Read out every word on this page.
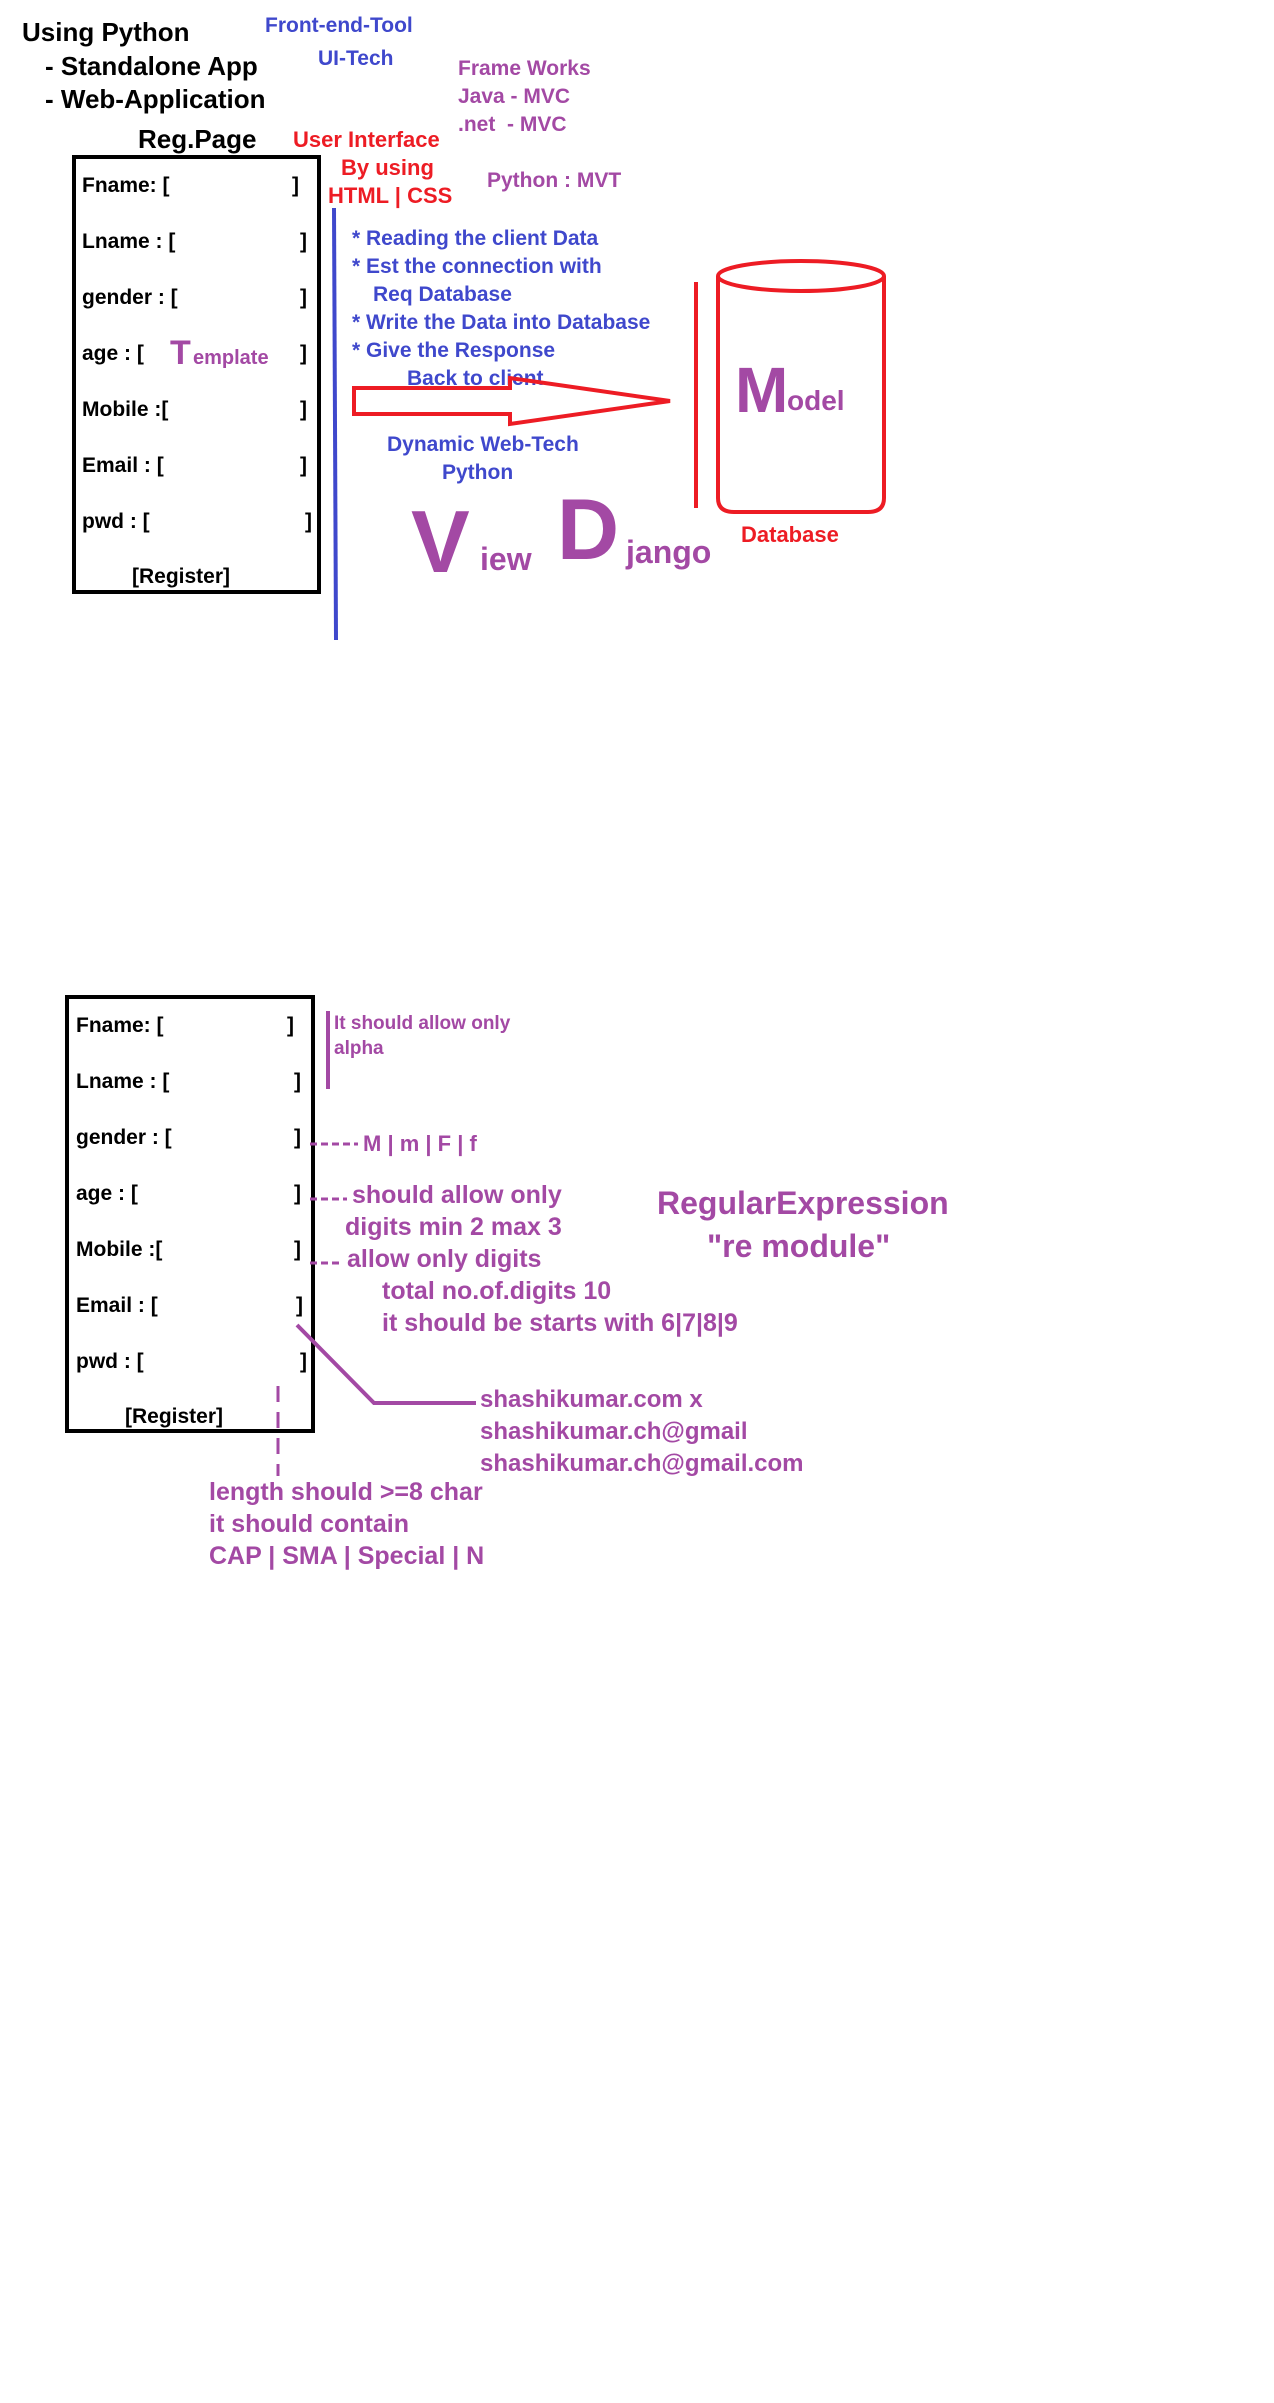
Using Python
- Standalone App
- Web-Application
Reg.Page
Front-end-Tool
UI-Tech
User Interface
By using
HTML | CSS
Frame Works
Java - MVC
.net  - MVC
Python : MVT
Fname: [	]
Lname : [	]
gender : [	]
age : [ T emplate ]
Mobile :[	]
Email : [	]
pwd : [	]
[Register]
* Reading the client Data
* Est the connection with
Req Database
* Write the Data into Database
* Give the Response
Back to client
Dynamic Web-Tech
Python
V iew D jango
M
odel
Database
Fname: [	]
Lname : [	]
gender : [	]
age : [	]
Mobile :[	]
Email : [	]
pwd : [	]
[Register]
It should allow only
alpha
M | m | F | f
should allow only
digits min 2 max 3
allow only digits
total no.of.digits 10
it should be starts with 6|7|8|9
shashikumar.com x
shashikumar.ch@gmail
shashikumar.ch@gmail.com
length should >=8 char
it should contain
CAP | SMA | Special | N
RegularExpression
"re module"
